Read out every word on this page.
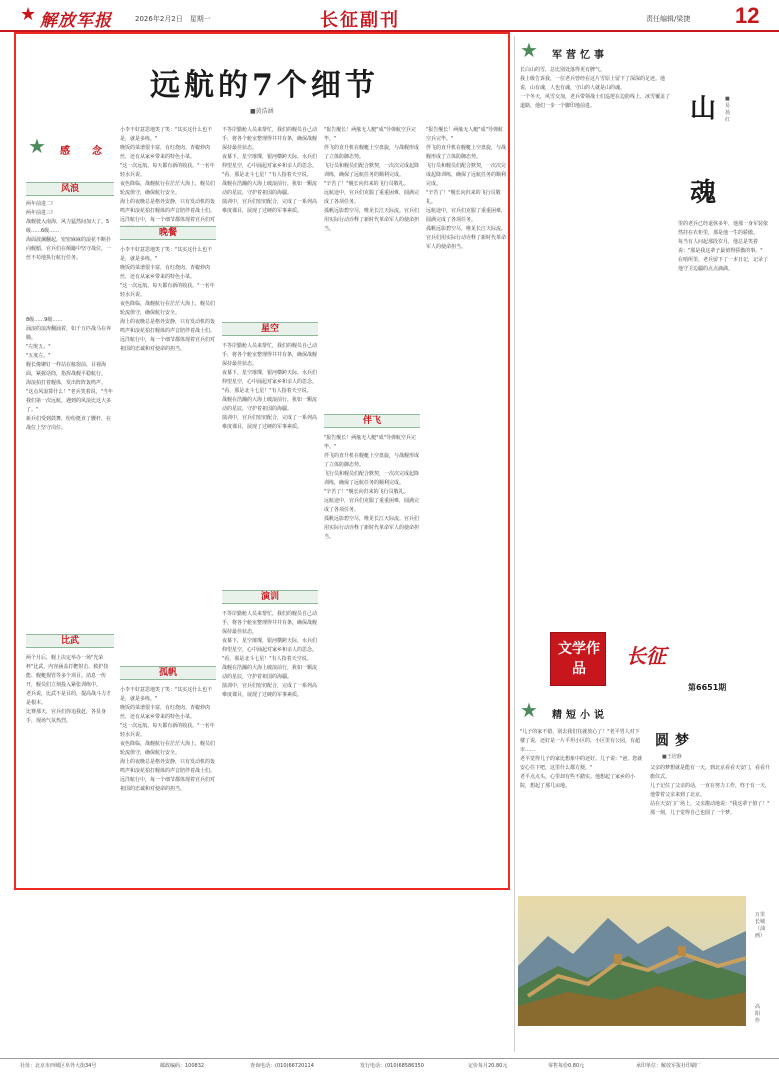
★ 解放军报	2026年2月2日　星期一	长征副刊	责任编辑/梁捷 12
远航的7个细节
■黄浩涵
★ 感　念
风浪
两年前进二!
两年前进三!
战舰驶入南海，风力猛然间加大了。5级……6级……
海面波澜翻起，密密麻麻的浪花不断扑向舰艏，官兵们在颠簸中坚守战位，一丝不苟地执行航行任务。
8级……9级……
涌浪的浪涛翻涌着，如千万匹战马在奔腾。
"左舵五。"
"五度左。"
舰长像铆钉一样站在舷窗前，目视海面，紧握话筒，指挥战舰平稳航行。
海浪拍打着舰体，发出阵阵轰鸣声。
"这点风浪算什么！"老兵笑着说，"当年我们第一次远航，遇到的风浪比这大多了。"
新兵们受到鼓舞，纷纷挺直了腰杆，在战位上坚守岗位。
比武
两个月后，舰上决定举办一场"光荣杯"比武，内容涵盖打靶射击、救护技能、舰艇损管等多个项目。消息一传开，舰员们立刻投入紧张训练中。
老兵说，比武不是目的，提高战斗力才是根本。
比赛那天，官兵们你追我赶，各显身手，现场气氛热烈。
小李不好意思地笑了笑："其实这什么也不是，就是多练。"
晚饭的菜谱很丰富，有红烧肉、青椒炒肉丝，还有从家乡带来的特色小菜。
"这一次远航，每天都有新的收获。"一名年轻水兵说。
夜色降临，战舰航行在茫茫大海上，舰员们轮流值守，确保航行安全。
海上的夜晚总是格外安静，只有发动机的轰鸣声和浪花拍打舰体的声音陪伴着战士们。
远洋航行中，每一个细节都体现着官兵们对
晚餐
小李不好意思地笑了笑："其实这什么也不是，就是多练。"
晚饭的菜谱很丰富，有红烧肉、青椒炒肉丝，还有从家乡带来的特色小菜。
"这一次远航，每天都有新的收获。"一名年轻水兵说。
夜色降临，战舰航行在茫茫大海上，舰员们轮流值守，确保航行安全。
海上的夜晚总是格外安静，只有发动机的轰鸣声和浪花拍打舰体的声音陪伴着战士们。
远洋航行中，每一个细节都体现着官兵们对祖国的忠诚和对使命的担当。
孤帆
小李不好意思地笑了笑："其实这什么也不是，就是多练。"
晚饭的菜谱很丰富，有红烧肉、青椒炒肉丝，还有从家乡带来的特色小菜。
"这一次远航，每天都有新的收获。"一名年轻水兵说。
夜色降临，战舰航行在茫茫大海上，舰员们轮流值守，确保航行安全。
海上的夜晚总是格外安静，只有发动机的轰鸣声和浪花拍打舰体的声音陪伴着战士们。
远洋航行中，每一个细节都体现着官兵们对祖国的忠诚和对使命的担当。
不等岸勤舱人员来帮忙，我们的舰员自己动手，将各个舱室整理得井井有条，确保战舰保持最佳状态。
夜幕下，星空璀璨，银河横跨天际，水兵们仰望星空，心中涌起对家乡和亲人的思念。
"看，那是北斗七星！"有人指着天空说。
战舰在浩瀚的大海上破浪前行，犹如一颗流动的星辰，守护着祖国的海疆。
演训中，官兵们密切配合，完成了一系列高难度课目，展现了过硬的军事素质。
星空
不等岸勤舱人员来帮忙，我们的舰员自己动手，将各个舱室整理得井井有条，确保战舰保持最佳状态。
夜幕下，星空璀璨，银河横跨天际，水兵们仰望星空，心中涌起对家乡和亲人的思念。
"看，那是北斗七星！"有人指着天空说。
战舰在浩瀚的大海上破浪前行，犹如一颗流动的星辰，守护着祖国的海疆。
演训中，官兵们密切配合，完成了一系列高难度课目，展现了过硬的军事素质。
演训
不等岸勤舱人员来帮忙，我们的舰员自己动手，将各个舱室整理得井井有条，确保战舰保持最佳状态。
夜幕下，星空璀璨，银河横跨天际，水兵们仰望星空，心中涌起对家乡和亲人的思念。
"看，那是北斗七星！"有人指着天空说。
战舰在浩瀚的大海上破浪前行，犹如一颗流动的星辰，守护着祖国的海疆。
演训中，官兵们密切配合，完成了一系列高难度课目，展现了过硬的军事素质。
"报告舰长！两舷无人艇"成"导弹航空兵完毕。"
伴飞的直升机在舰艇上空盘旋，与战舰形成了立体防御态势。
飞行员和舰员们配合默契，一次次完成起降训练，确保了远航任务的顺利完成。
"辛苦了！"舰长向归来的飞行员敬礼。
远航途中，官兵们克服了重重困难，圆满完成了各项任务。
孤帆远影碧空尽，唯见长江天际流。官兵们用实际行动诠释了新时代革命军人的使命担当。
伴飞
"报告舰长！两舷无人艇"成"导弹航空兵完毕。"
伴飞的直升机在舰艇上空盘旋，与战舰形成了立体防御态势。
飞行员和舰员们配合默契，一次次完成起降训练，确保了远航任务的顺利完成。
"辛苦了！"舰长向归来的飞行员敬礼。
远航途中，官兵们克服了重重困难，圆满完成了各项任务。
孤帆远影碧空尽，唯见长江天际流。官兵们用实际行动诠释了新时代革命军人的使命担当。
"报告舰长！两舷无人艇"成"导弹航空兵完毕。"
伴飞的直升机在舰艇上空盘旋，与战舰形成了立体防御态势。
飞行员和舰员们配合默契，一次次完成起降训练，确保了远航任务的顺利完成。
"辛苦了！"舰长向归来的飞行员敬礼。
远航途中，官兵们克服了重重困难，圆满完成了各项任务。
孤帆远影碧空尽，唯见长江天际流。官兵们用实际行动诠释了新时代革命军人的使命担当。
★ 军营忆事
长白山的雪，总比别处落得更有脾气。
我上级告诉我，一位老兵曾经在这片雪原上留下了深深的足迹。他说，山有魂，人也有魂，守山的人就是山的魂。
一个冬天，风雪交加，老兵带领战士们巡逻在边防线上，冰雪覆盖了道路，他们一步一个脚印地前进。	山
魂
■易　扬红
里的老兵已经退休多年，他那一身军装依然挂在衣柜里，那是他一生的骄傲。
每当有人问起那段岁月，他总是笑着说："那是我这辈子最值得骄傲的事。"
在哨所里，老兵留下了一本日记，记录了他守卫边疆的点点滴滴。
文学作品
长征
第6651期
★ 精短小说
圆梦
■王培静
"儿子的家不错，别去我们住就放心了！"老平男人对下楼了说，还好是一片平坦小区的，小区里有公园，有超市……
老平觉得儿子的家比想象中的还好。儿子说："爸，您就安心住下吧，这里什么都方便。"
老平点点头，心里却有些不踏实。他想起了家乡的小院，想起了那几亩地。
父亲的梦想就是能有一天，到北京看看天安门，看看升旗仪式。
儿子记住了父亲的话，一直在努力工作，终于有一天，他带着父亲来到了北京。
站在天安门广场上，父亲激动地说："我这辈子值了！"
那一刻，儿子觉得自己也圆了一个梦。
万里长城（油画）
高　阳 作
社址：北京市西城区阜外大街34号	邮政编码：100832	查询电话：(010)66720114	发行电话：(010)68586350	定价每月20.80元	零售每份0.80元	承印单位：解放军报社印刷厂
